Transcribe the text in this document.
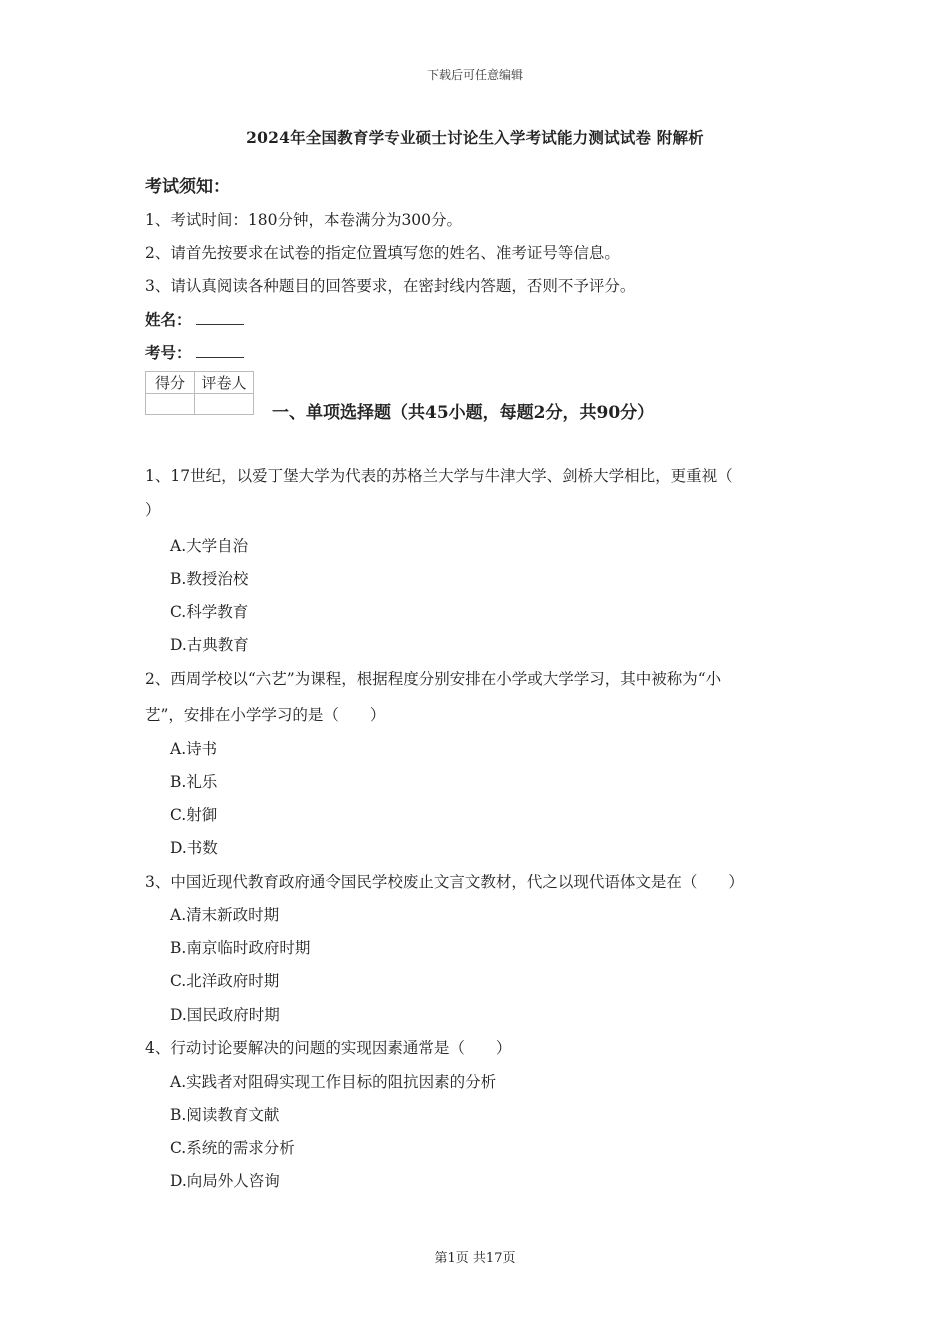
下载后可任意编辑
2024年全国教育学专业硕士讨论生入学考试能力测试试卷 附解析
考试须知：
1、考试时间：180分钟，本卷满分为300分。
2、请首先按要求在试卷的指定位置填写您的姓名、准考证号等信息。
3、请认真阅读各种题目的回答要求，在密封线内答题，否则不予评分。
姓名：
考号：
得分	评卷人

一、单项选择题（共45小题，每题2分，共90分）
1、17世纪，以爱丁堡大学为代表的苏格兰大学与牛津大学、剑桥大学相比，更重视（
）
A.大学自治
B.教授治校
C.科学教育
D.古典教育
2、西周学校以“六艺”为课程，根据程度分别安排在小学或大学学习，其中被称为“小
艺”，安排在小学学习的是（　　）
A.诗书
B.礼乐
C.射御
D.书数
3、中国近现代教育政府通令国民学校废止文言文教材，代之以现代语体文是在（　　）
A.清末新政时期
B.南京临时政府时期
C.北洋政府时期
D.国民政府时期
4、行动讨论要解决的问题的实现因素通常是（　　）
A.实践者对阻碍实现工作目标的阻抗因素的分析
B.阅读教育文献
C.系统的需求分析
D.向局外人咨询
第1页 共17页
